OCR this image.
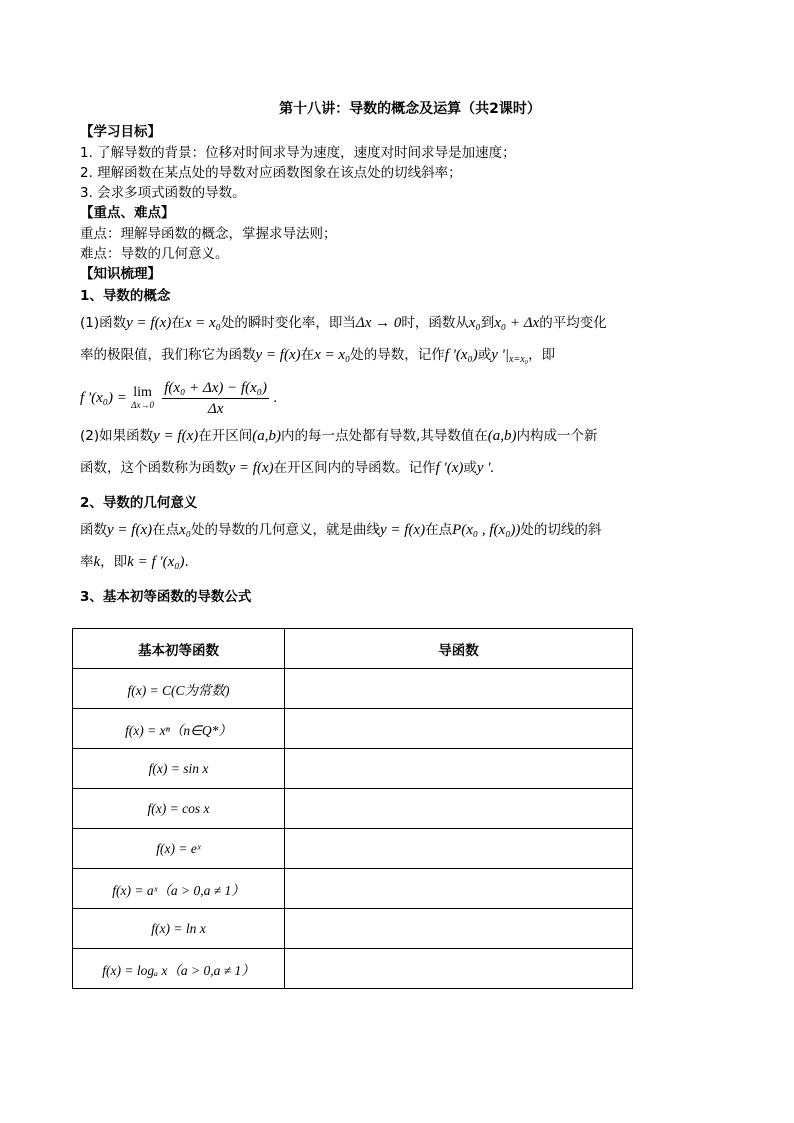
第十八讲：导数的概念及运算（共2课时）

【学习目标】

1. 了解导数的背景：位移对时间求导为速度，速度对时间求导是加速度；

2. 理解函数在某点处的导数对应函数图象在该点处的切线斜率；

3. 会求多项式函数的导数。

【重点、难点】

重点：理解导函数的概念，掌握求导法则；

难点：导数的几何意义。

【知识梳理】

1、导数的概念

(1)函数y = f(x)在x = x₀处的瞬时变化率，即当Δx → 0时，函数从x₀到x₀ + Δx的平均变化

率的极限值，我们称它为函数y = f(x)在x = x₀处的导数，记作f '(x₀)或y '$|_{x=x_0}$，即

f '(x₀) = lim
Δx→0
$\frac{\text{f(x₀ + Δx) − f(x₀)}}{\Delta x}$ .

(2)如果函数y = f(x)在开区间(a,b)内的每一点处都有导数,其导数值在(a,b)内构成一个新

函数，这个函数称为函数y = f(x)在开区间内的导函数。记作f '(x)或y '.

2、导数的几何意义

函数y = f(x)在点x₀处的导数的几何意义，就是曲线y = f(x)在点P(x₀ , f(x₀))处的切线的斜

率k，即k = f '(x₀).

3、基本初等函数的导数公式

基本初等函数	导函数
f(x) = C(C为常数)	
f(x) = xⁿ（n∈Q*）	
f(x) = sin x	
f(x) = cos x	
f(x) = eˣ	
f(x) = aˣ（a > 0,a ≠ 1）	
f(x) = ln x	
f(x) = logₐ x（a > 0,a ≠ 1）	
